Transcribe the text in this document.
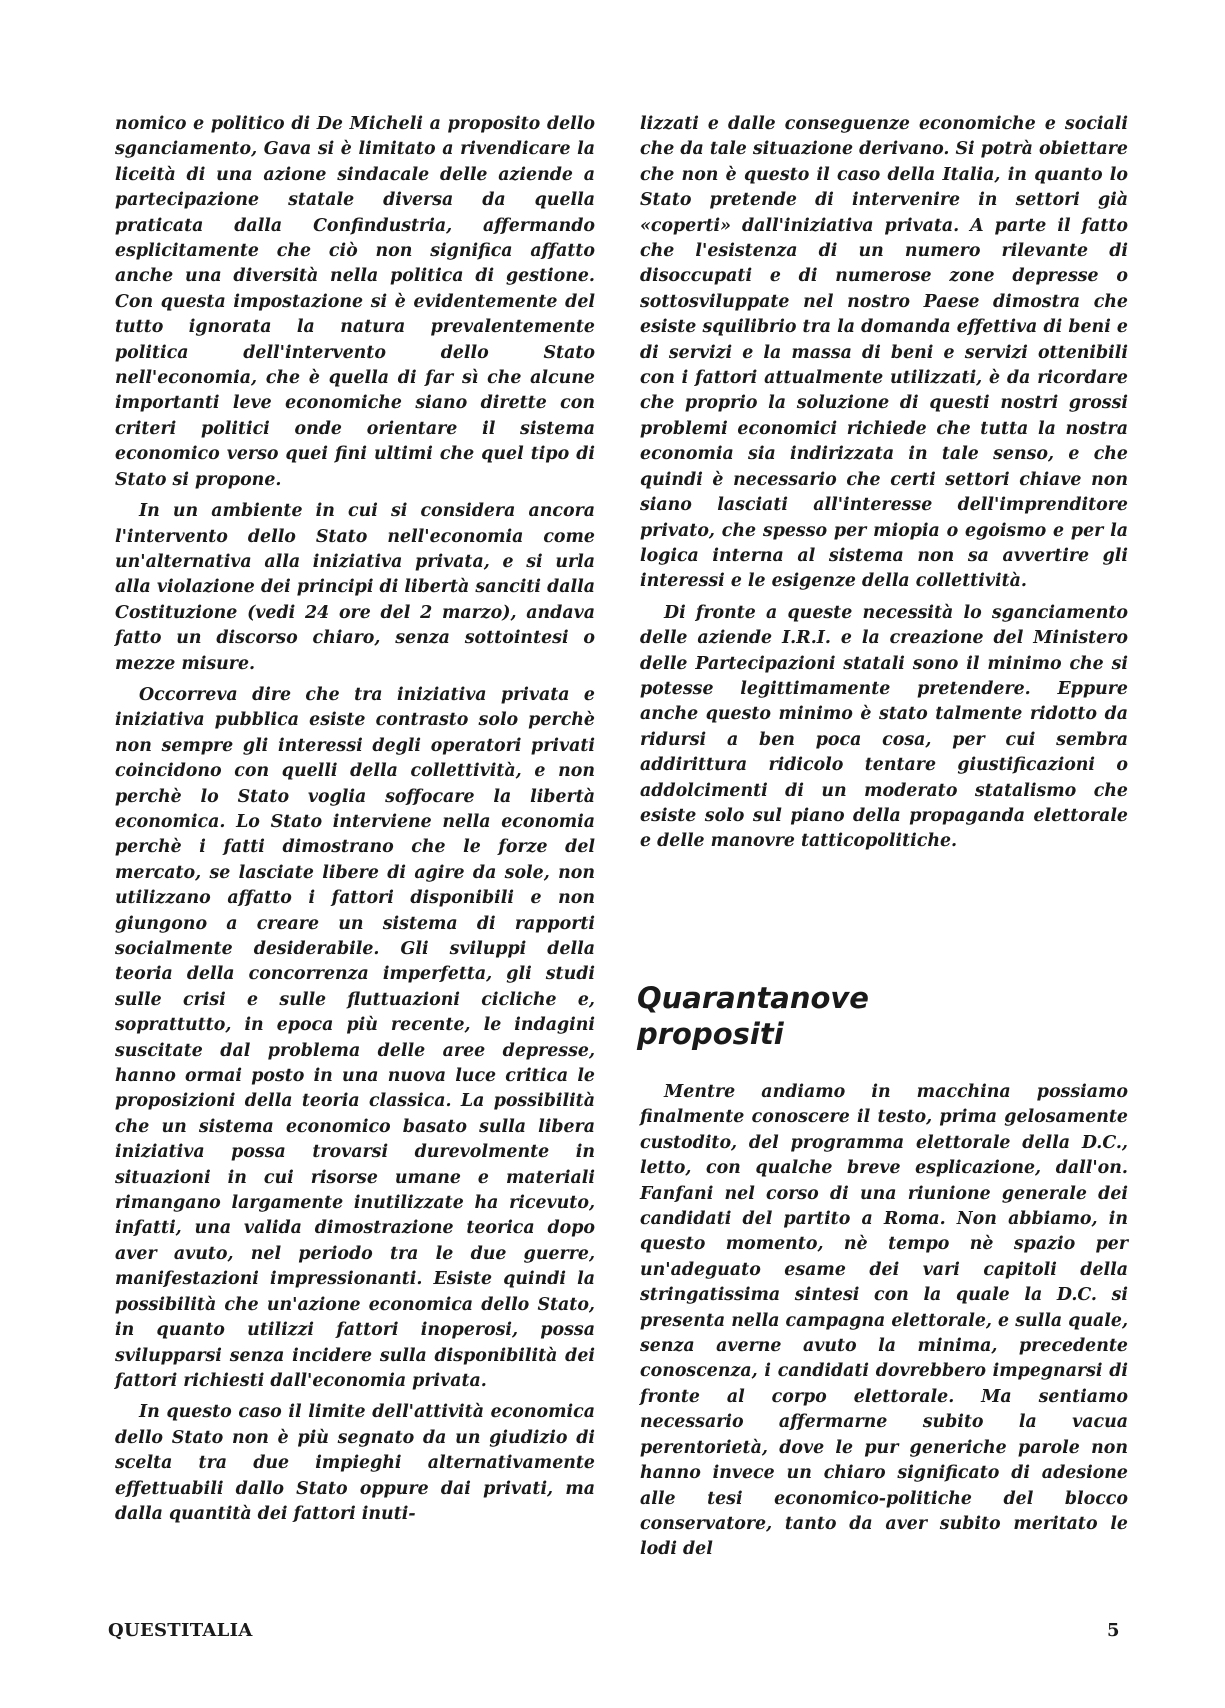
nomico e politico di De Micheli a proposito dello sganciamento, Gava si è limitato a rivendicare la liceità di una azione sindacale delle aziende a partecipazione statale diversa da quella praticata dalla Confindustria, affermando esplicitamente che ciò non significa affatto anche una diversità nella politica di gestione. Con questa impostazione si è evidentemente del tutto ignorata la natura prevalentemente politica dell'intervento dello Stato nell'economia, che è quella di far sì che alcune importanti leve economiche siano dirette con criteri politici onde orientare il sistema economico verso quei fini ultimi che quel tipo di Stato si propone.

In un ambiente in cui si considera ancora l'intervento dello Stato nell'economia come un'alternativa alla iniziativa privata, e si urla alla violazione dei principi di libertà sanciti dalla Costituzione (vedi 24 ore del 2 marzo), andava fatto un discorso chiaro, senza sottointesi o mezze misure.

Occorreva dire che tra iniziativa privata e iniziativa pubblica esiste contrasto solo perchè non sempre gli interessi degli operatori privati coincidono con quelli della collettività, e non perchè lo Stato voglia soffocare la libertà economica. Lo Stato interviene nella economia perchè i fatti dimostrano che le forze del mercato, se lasciate libere di agire da sole, non utilizzano affatto i fattori disponibili e non giungono a creare un sistema di rapporti socialmente desiderabile. Gli sviluppi della teoria della concorrenza imperfetta, gli studi sulle crisi e sulle fluttuazioni cicliche e, soprattutto, in epoca più recente, le indagini suscitate dal problema delle aree depresse, hanno ormai posto in una nuova luce critica le proposizioni della teoria classica. La possibilità che un sistema economico basato sulla libera iniziativa possa trovarsi durevolmente in situazioni in cui risorse umane e materiali rimangano largamente inutilizzate ha ricevuto, infatti, una valida dimostrazione teorica dopo aver avuto, nel periodo tra le due guerre, manifestazioni impressionanti. Esiste quindi la possibilità che un'azione economica dello Stato, in quanto utilizzi fattori inoperosi, possa svilupparsi senza incidere sulla disponibilità dei fattori richiesti dall'economia privata.

In questo caso il limite dell'attività economica dello Stato non è più segnato da un giudizio di scelta tra due impieghi alternativamente effettuabili dallo Stato oppure dai privati, ma dalla quantità dei fattori inuti-

lizzati e dalle conseguenze economiche e sociali che da tale situazione derivano. Si potrà obiettare che non è questo il caso della Italia, in quanto lo Stato pretende di intervenire in settori già «coperti» dall'iniziativa privata. A parte il fatto che l'esistenza di un numero rilevante di disoccupati e di numerose zone depresse o sottosviluppate nel nostro Paese dimostra che esiste squilibrio tra la domanda effettiva di beni e di servizi e la massa di beni e servizi ottenibili con i fattori attualmente utilizzati, è da ricordare che proprio la soluzione di questi nostri grossi problemi economici richiede che tutta la nostra economia sia indirizzata in tale senso, e che quindi è necessario che certi settori chiave non siano lasciati all'interesse dell'imprenditore privato, che spesso per miopia o egoismo e per la logica interna al sistema non sa avvertire gli interessi e le esigenze della collettività.

Di fronte a queste necessità lo sganciamento delle aziende I.R.I. e la creazione del Ministero delle Partecipazioni statali sono il minimo che si potesse legittimamente pretendere. Eppure anche questo minimo è stato talmente ridotto da ridursi a ben poca cosa, per cui sembra addirittura ridicolo tentare giustificazioni o addolcimenti di un moderato statalismo che esiste solo sul piano della propaganda elettorale e delle manovre tatticopolitiche.

Quarantanove
propositi

Mentre andiamo in macchina possiamo finalmente conoscere il testo, prima gelosamente custodito, del programma elettorale della D.C., letto, con qualche breve esplicazione, dall'on. Fanfani nel corso di una riunione generale dei candidati del partito a Roma. Non abbiamo, in questo momento, nè tempo nè spazio per un'adeguato esame dei vari capitoli della stringatissima sintesi con la quale la D.C. si presenta nella campagna elettorale, e sulla quale, senza averne avuto la minima, precedente conoscenza, i candidati dovrebbero impegnarsi di fronte al corpo elettorale. Ma sentiamo necessario affermarne subito la vacua perentorietà, dove le pur generiche parole non hanno invece un chiaro significato di adesione alle tesi economico-politiche del blocco conservatore, tanto da aver subito meritato le lodi del

QUESTITALIA	5
